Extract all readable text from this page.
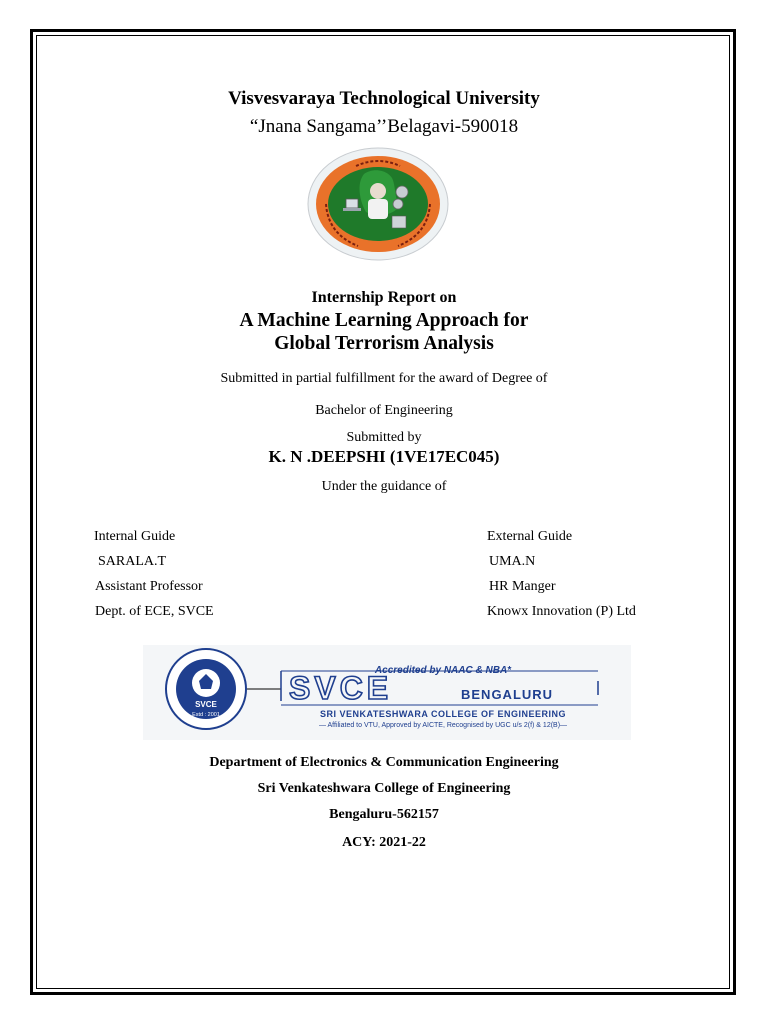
Visvesvaraya Technological University
“Jnana Sangama’’Belagavi-590018
Internship Report on
A Machine Learning Approach for
Global Terrorism Analysis
Submitted in partial fulfillment for the award of Degree of
Bachelor of Engineering
Submitted by
K. N .DEEPSHI (1VE17EC045)
Under the guidance of
Internal Guide
SARALA.T
Assistant Professor
Dept. of ECE, SVCE
External Guide
UMA.N
HR Manger
Knowx Innovation (P) Ltd
SVCE
Estd : 2001
Accredited by NAAC & NBA*
SVCE	BENGALURU
SRI VENKATESHWARA COLLEGE OF ENGINEERING
— Affiliated to VTU, Approved by AICTE, Recognised by UGC u/s 2(f) & 12(B)—
Department of Electronics & Communication Engineering
Sri Venkateshwara College of Engineering
Bengaluru-562157
ACY: 2021-22
